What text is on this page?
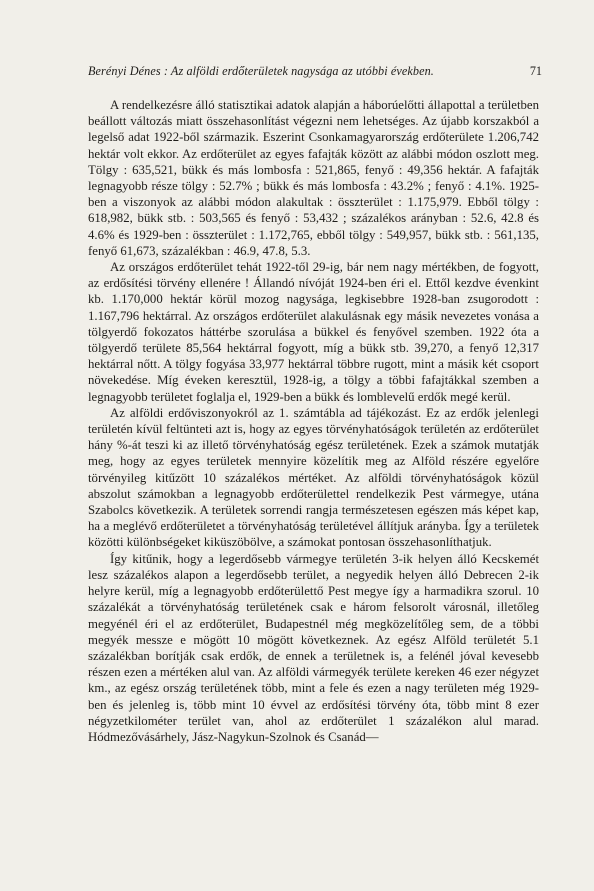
Berényi Dénes : Az alföldi erdőterületek nagysága az utóbbi években.	71

A rendelkezésre álló statisztikai adatok alapján a háborúelőtti állapottal a területben beállott változás miatt összehasonlítást végezni nem lehetséges. Az újabb korszakból a legelső adat 1922-ből származik. Eszerint Csonkamagyarország erdőterülete 1.206,742 hektár volt ekkor. Az erdőterület az egyes fafajták között az alábbi módon oszlott meg. Tölgy : 635,521, bükk és más lombosfa : 521,865, fenyő : 49,356 hektár. A fafajták legnagyobb része tölgy : 52.7% ; bükk és más lombosfa : 43.2% ; fenyő : 4.1%. 1925-ben a viszonyok az alábbi módon alakultak : összterület : 1.175,979. Ebből tölgy : 618,982, bükk stb. : 503,565 és fenyő : 53,432 ; százalékos arányban : 52.6, 42.8 és 4.6% és 1929-ben : összterület : 1.172,765, ebből tölgy : 549,957, bükk stb. : 561,135, fenyő 61,673, százalékban : 46.9, 47.8, 5.3.

Az országos erdőterület tehát 1922-től 29-ig, bár nem nagy mértékben, de fogyott, az erdősítési törvény ellenére ! Állandó nívóját 1924-ben éri el. Ettől kezdve évenkint kb. 1.170,000 hektár körül mozog nagysága, legkisebbre 1928-ban zsugorodott : 1.167,796 hektárral. Az országos erdőterület alakulásnak egy másik nevezetes vonása a tölgyerdő fokozatos háttérbe szorulása a bükkel és fenyővel szemben. 1922 óta a tölgyerdő területe 85,564 hektárral fogyott, míg a bükk stb. 39,270, a fenyő 12,317 hektárral nőtt. A tölgy fogyása 33,977 hektárral többre rugott, mint a másik két csoport növekedése. Míg éveken keresztül, 1928-ig, a tölgy a többi fafajtákkal szemben a legnagyobb területet foglalja el, 1929-ben a bükk és lomblevelű erdők megé kerül.

Az alföldi erdőviszonyokról az 1. számtábla ad tájékozást. Ez az erdők jelenlegi területén kívül feltünteti azt is, hogy az egyes törvényhatóságok területén az erdőterület hány %-át teszi ki az illető törvényhatóság egész területének. Ezek a számok mutatják meg, hogy az egyes területek mennyire közelítik meg az Alföld részére egyelőre törvényileg kitűzött 10 százalékos mértéket. Az alföldi törvényhatóságok közül abszolut számokban a legnagyobb erdőterülettel rendelkezik Pest vármegye, utána Szabolcs következik. A területek sorrendi rangja természetesen egészen más képet kap, ha a meglévő erdőterületet a törvényhatóság területével állítjuk arányba. Így a területek közötti különbségeket kiküszöbölve, a számokat pontosan összehasonlíthatjuk.

Így kitűnik, hogy a legerdősebb vármegye területén 3-ik helyen álló Kecskemét lesz százalékos alapon a legerdősebb terület, a negyedik helyen álló Debrecen 2-ik helyre kerül, míg a legnagyobb erdőterülettő Pest megye így a harmadikra szorul. 10 százalékát a törvényhatóság területének csak e három felsorolt városnál, illetőleg megyénél éri el az erdőterület, Budapestnél még megközelítőleg sem, de a többi megyék messze e mögött 10 mögött következnek. Az egész Alföld területét 5.1 százalékban borítják csak erdők, de ennek a területnek is, a felénél jóval kevesebb részen ezen a mértéken alul van. Az alföldi vármegyék területe kereken 46 ezer négyzet km., az egész ország területének több, mint a fele és ezen a nagy területen még 1929-ben és jelenleg is, több mint 10 évvel az erdősítési törvény óta, több mint 8 ezer négyzetkilométer terület van, ahol az erdőterület 1 százalékon alul marad. Hódmezővásárhely, Jász-Nagykun-Szolnok és Csanád—
